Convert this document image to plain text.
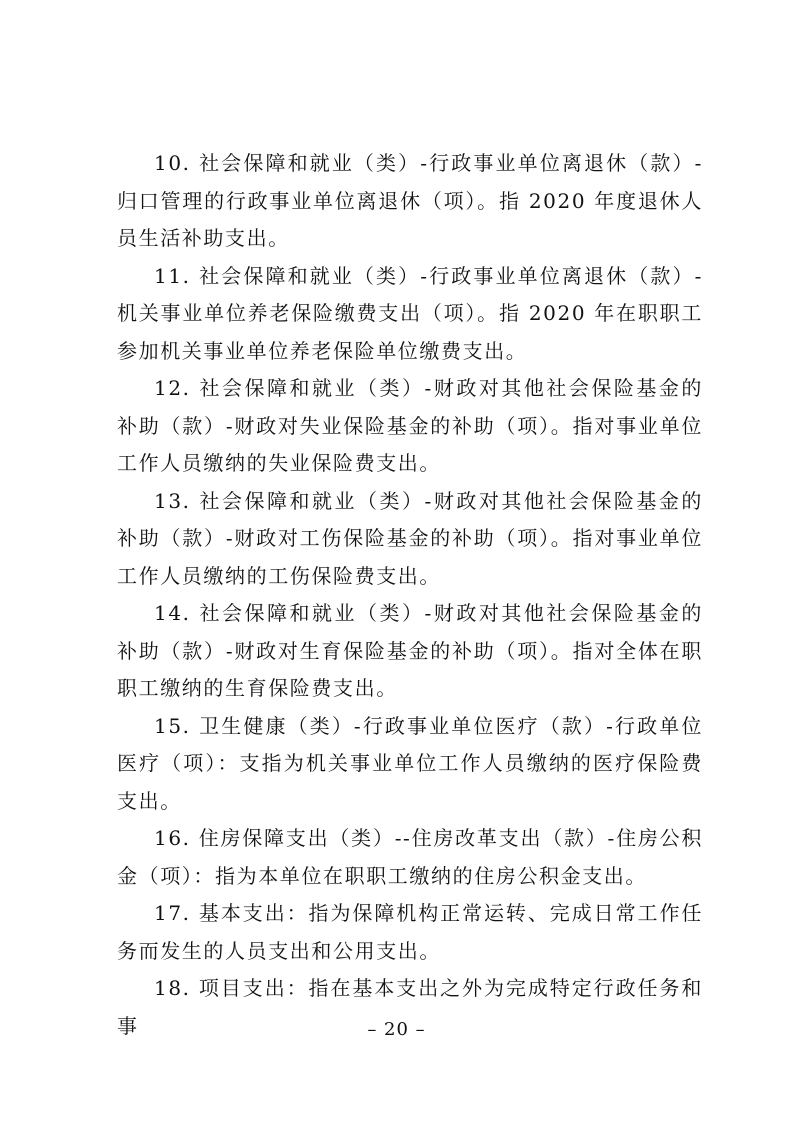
10. 社会保障和就业（类）-行政事业单位离退休（款）-归口管理的行政事业单位离退休（项）。指 2020 年度退休人员生活补助支出。

11. 社会保障和就业（类）-行政事业单位离退休（款）-机关事业单位养老保险缴费支出（项）。指 2020 年在职职工参加机关事业单位养老保险单位缴费支出。

12. 社会保障和就业（类）-财政对其他社会保险基金的补助（款）-财政对失业保险基金的补助（项）。指对事业单位工作人员缴纳的失业保险费支出。

13. 社会保障和就业（类）-财政对其他社会保险基金的补助（款）-财政对工伤保险基金的补助（项）。指对事业单位工作人员缴纳的工伤保险费支出。

14. 社会保障和就业（类）-财政对其他社会保险基金的补助（款）-财政对生育保险基金的补助（项）。指对全体在职职工缴纳的生育保险费支出。

15. 卫生健康（类）-行政事业单位医疗（款）-行政单位医疗（项）：支指为机关事业单位工作人员缴纳的医疗保险费支出。

16. 住房保障支出（类）--住房改革支出（款）-住房公积金（项）：指为本单位在职职工缴纳的住房公积金支出。

17. 基本支出：指为保障机构正常运转、完成日常工作任务而发生的人员支出和公用支出。

18. 项目支出：指在基本支出之外为完成特定行政任务和事	– 20 –
